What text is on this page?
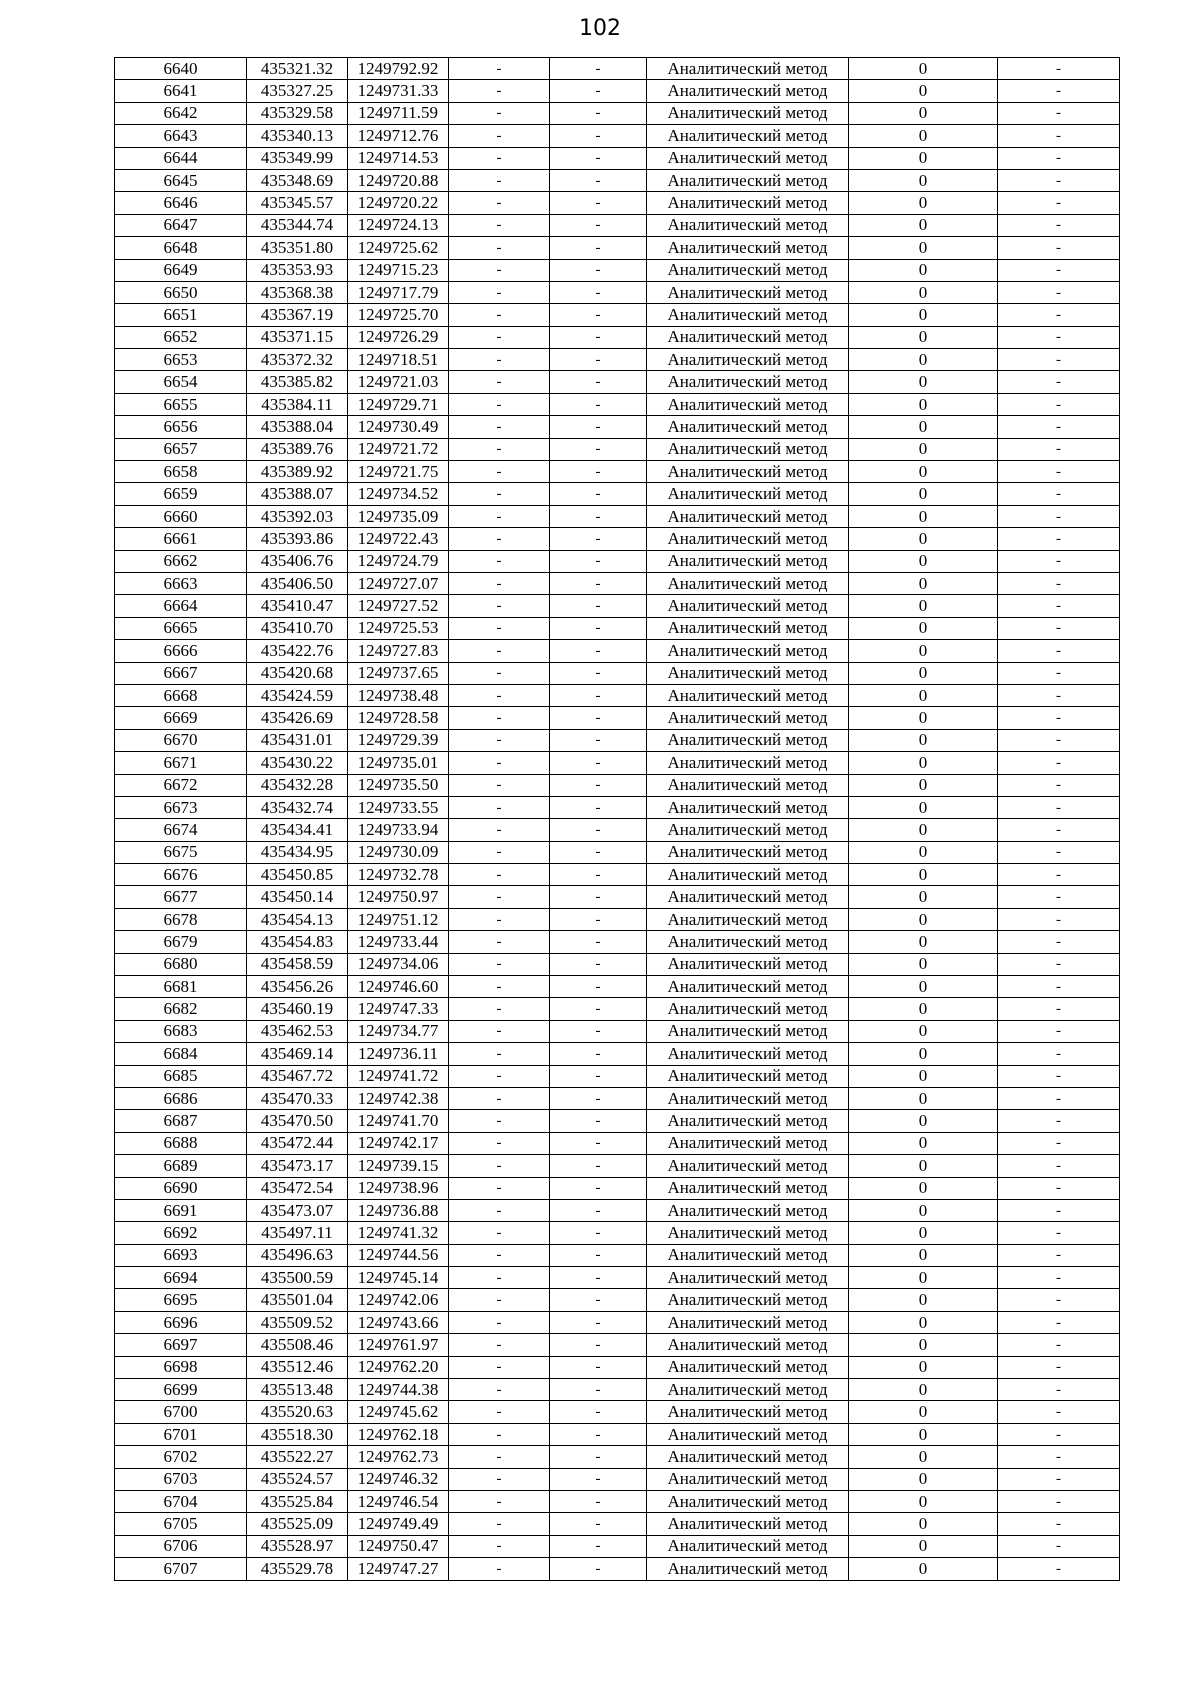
102
6640	435321.32	1249792.92	-	-	Аналитический метод	0	-
6641	435327.25	1249731.33	-	-	Аналитический метод	0	-
6642	435329.58	1249711.59	-	-	Аналитический метод	0	-
6643	435340.13	1249712.76	-	-	Аналитический метод	0	-
6644	435349.99	1249714.53	-	-	Аналитический метод	0	-
6645	435348.69	1249720.88	-	-	Аналитический метод	0	-
6646	435345.57	1249720.22	-	-	Аналитический метод	0	-
6647	435344.74	1249724.13	-	-	Аналитический метод	0	-
6648	435351.80	1249725.62	-	-	Аналитический метод	0	-
6649	435353.93	1249715.23	-	-	Аналитический метод	0	-
6650	435368.38	1249717.79	-	-	Аналитический метод	0	-
6651	435367.19	1249725.70	-	-	Аналитический метод	0	-
6652	435371.15	1249726.29	-	-	Аналитический метод	0	-
6653	435372.32	1249718.51	-	-	Аналитический метод	0	-
6654	435385.82	1249721.03	-	-	Аналитический метод	0	-
6655	435384.11	1249729.71	-	-	Аналитический метод	0	-
6656	435388.04	1249730.49	-	-	Аналитический метод	0	-
6657	435389.76	1249721.72	-	-	Аналитический метод	0	-
6658	435389.92	1249721.75	-	-	Аналитический метод	0	-
6659	435388.07	1249734.52	-	-	Аналитический метод	0	-
6660	435392.03	1249735.09	-	-	Аналитический метод	0	-
6661	435393.86	1249722.43	-	-	Аналитический метод	0	-
6662	435406.76	1249724.79	-	-	Аналитический метод	0	-
6663	435406.50	1249727.07	-	-	Аналитический метод	0	-
6664	435410.47	1249727.52	-	-	Аналитический метод	0	-
6665	435410.70	1249725.53	-	-	Аналитический метод	0	-
6666	435422.76	1249727.83	-	-	Аналитический метод	0	-
6667	435420.68	1249737.65	-	-	Аналитический метод	0	-
6668	435424.59	1249738.48	-	-	Аналитический метод	0	-
6669	435426.69	1249728.58	-	-	Аналитический метод	0	-
6670	435431.01	1249729.39	-	-	Аналитический метод	0	-
6671	435430.22	1249735.01	-	-	Аналитический метод	0	-
6672	435432.28	1249735.50	-	-	Аналитический метод	0	-
6673	435432.74	1249733.55	-	-	Аналитический метод	0	-
6674	435434.41	1249733.94	-	-	Аналитический метод	0	-
6675	435434.95	1249730.09	-	-	Аналитический метод	0	-
6676	435450.85	1249732.78	-	-	Аналитический метод	0	-
6677	435450.14	1249750.97	-	-	Аналитический метод	0	-
6678	435454.13	1249751.12	-	-	Аналитический метод	0	-
6679	435454.83	1249733.44	-	-	Аналитический метод	0	-
6680	435458.59	1249734.06	-	-	Аналитический метод	0	-
6681	435456.26	1249746.60	-	-	Аналитический метод	0	-
6682	435460.19	1249747.33	-	-	Аналитический метод	0	-
6683	435462.53	1249734.77	-	-	Аналитический метод	0	-
6684	435469.14	1249736.11	-	-	Аналитический метод	0	-
6685	435467.72	1249741.72	-	-	Аналитический метод	0	-
6686	435470.33	1249742.38	-	-	Аналитический метод	0	-
6687	435470.50	1249741.70	-	-	Аналитический метод	0	-
6688	435472.44	1249742.17	-	-	Аналитический метод	0	-
6689	435473.17	1249739.15	-	-	Аналитический метод	0	-
6690	435472.54	1249738.96	-	-	Аналитический метод	0	-
6691	435473.07	1249736.88	-	-	Аналитический метод	0	-
6692	435497.11	1249741.32	-	-	Аналитический метод	0	-
6693	435496.63	1249744.56	-	-	Аналитический метод	0	-
6694	435500.59	1249745.14	-	-	Аналитический метод	0	-
6695	435501.04	1249742.06	-	-	Аналитический метод	0	-
6696	435509.52	1249743.66	-	-	Аналитический метод	0	-
6697	435508.46	1249761.97	-	-	Аналитический метод	0	-
6698	435512.46	1249762.20	-	-	Аналитический метод	0	-
6699	435513.48	1249744.38	-	-	Аналитический метод	0	-
6700	435520.63	1249745.62	-	-	Аналитический метод	0	-
6701	435518.30	1249762.18	-	-	Аналитический метод	0	-
6702	435522.27	1249762.73	-	-	Аналитический метод	0	-
6703	435524.57	1249746.32	-	-	Аналитический метод	0	-
6704	435525.84	1249746.54	-	-	Аналитический метод	0	-
6705	435525.09	1249749.49	-	-	Аналитический метод	0	-
6706	435528.97	1249750.47	-	-	Аналитический метод	0	-
6707	435529.78	1249747.27	-	-	Аналитический метод	0	-
